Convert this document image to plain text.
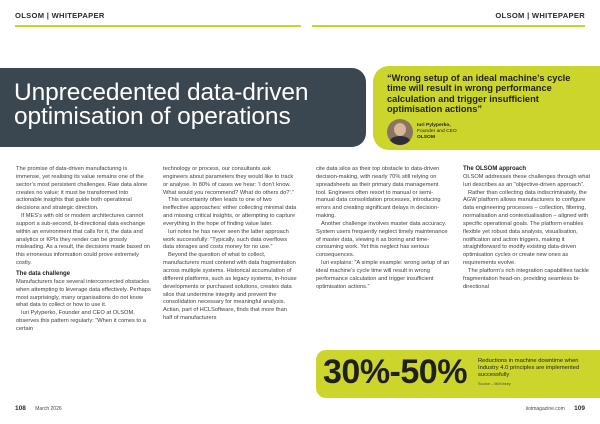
OLSOM | WHITEPAPER	OLSOM | WHITEPAPER
Unprecedented data-driven optimisation of operations

“Wrong setup of an ideal machine’s cycle time will result in wrong performance calculation and trigger insufficient optimisation actions”

Iuri Pylyperko,
Founder and CEO
OLSOM

The promise of data-driven manufacturing is immense, yet realising its value remains one of the sector’s most persistent challenges. Raw data alone creates no value; it must be transformed into actionable insights that guide both operational decisions and strategic direction.

If MES’s with old or modern architectures cannot support a sub-second, bi-directional data exchange within an environment that calls for it, the data and analytics or KPIs they render can be grossly misleading. As a result, the decisions made based on this erroneous information could prove extremely costly.

The data challenge

Manufacturers face several interconnected obstacles when attempting to leverage data effectively. Perhaps most surprisingly, many organisations do not know what data to collect or how to use it.

Iuri Pylyperko, Founder and CEO at OLSOM, observes this pattern regularly: “When it comes to a certain

technology or process, our consultants ask engineers about parameters they would like to track or analyse. In 80% of cases we hear: ‘I don’t know. What would you recommend? What do others do?’.”

This uncertainty often leads to one of two ineffective approaches: either collecting minimal data and missing critical insights, or attempting to capture everything in the hope of finding value later.

Iuri notes he has never seen the latter approach work successfully: “Typically, such data overflows data storages and costs money for no use.”

Beyond the question of what to collect, manufacturers must contend with data fragmentation across multiple systems. Historical accumulation of different platforms, such as legacy systems, in-house developments or purchased solutions, creates data silos that undermine integrity and prevent the consolidation necessary for meaningful analysis. Actian, part of HCLSoftware, finds that more than half of manufacturers

cite data silos as their top obstacle to data-driven decision-making, with nearly 70% still relying on spreadsheets as their primary data management tool. Engineers often resort to manual or semi-manual data consolidation processes, introducing errors and creating significant delays in decision-making.

Another challenge involves master data accuracy. System users frequently neglect timely maintenance of master data, viewing it as boring and time-consuming work. Yet this neglect has serious consequences.

Iuri explains: “A simple example: wrong setup of an ideal machine’s cycle time will result in wrong performance calculation and trigger insufficient optimisation actions.”

The OLSOM approach

OLSOM addresses these challenges through what Iuri describes as an “objective-driven approach”.

Rather than collecting data indiscriminately, the AGW platform allows manufacturers to configure data engineering processes – collection, filtering, normalisation and contextualisation – aligned with specific operational goals. The platform enables flexible yet robust data analysis, visualisation, notification and action triggers, making it straightforward to modify existing data-driven optimisation cycles or create new ones as requirements evolve.

The platform’s rich integration capabilities tackle fragmentation head-on, providing seamless bi-directional

30%-50% Reductions in machine downtime when Industry 4.0 principles are implemented successfully
Source – McKinsey
108 March 2026	iiotmagazine.com 109
